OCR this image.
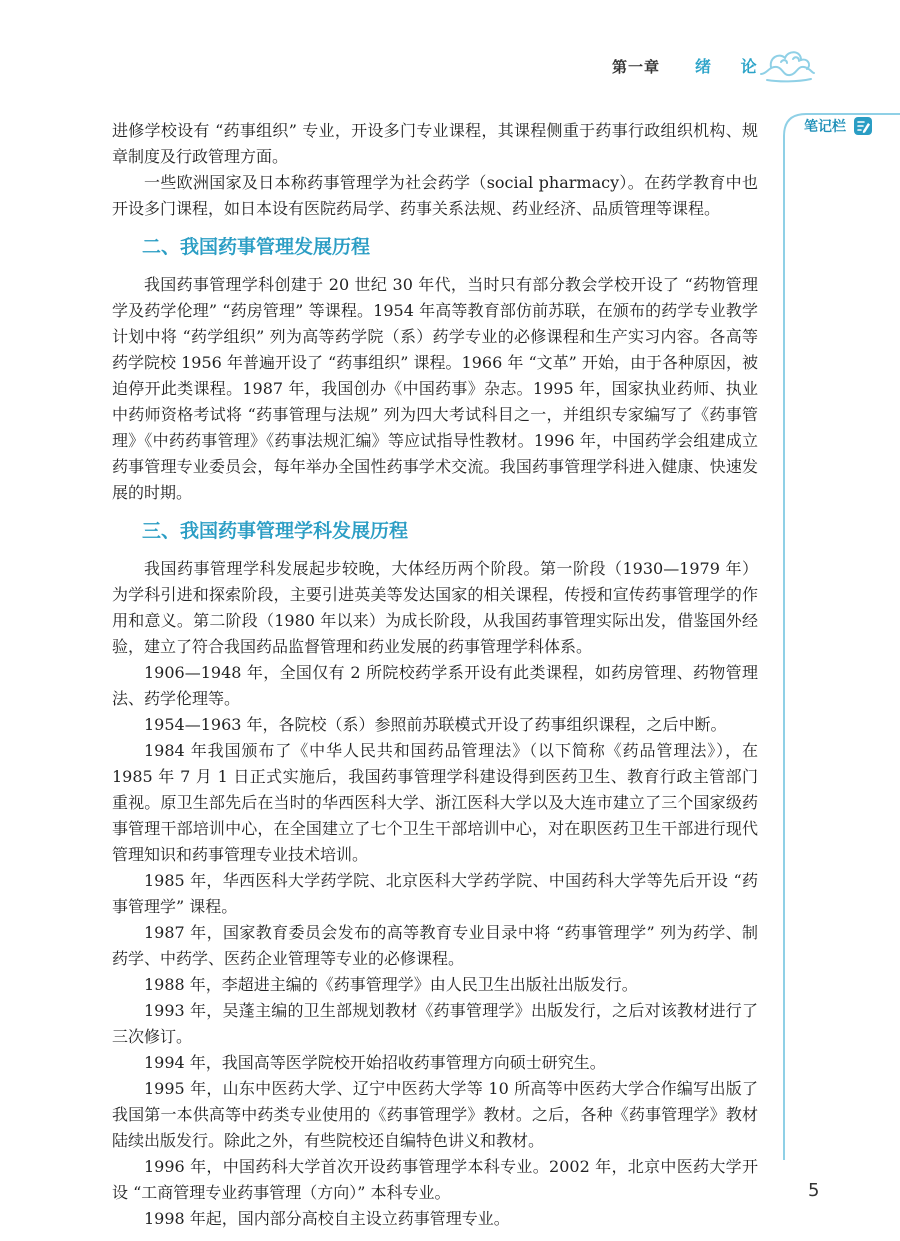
第一章 绪 论
笔记栏

进修学校设有 “药事组织” 专业，开设多门专业课程，其课程侧重于药事行政组织机构、规章制度及行政管理方面。

一些欧洲国家及日本称药事管理学为社会药学（social pharmacy）。在药学教育中也开设多门课程，如日本设有医院药局学、药事关系法规、药业经济、品质管理等课程。

二、我国药事管理发展历程

我国药事管理学科创建于 20 世纪 30 年代，当时只有部分教会学校开设了 “药物管理学及药学伦理” “药房管理” 等课程。1954 年高等教育部仿前苏联，在颁布的药学专业教学计划中将 “药学组织” 列为高等药学院（系）药学专业的必修课程和生产实习内容。各高等药学院校 1956 年普遍开设了 “药事组织” 课程。1966 年 “文革” 开始，由于各种原因，被迫停开此类课程。1987 年，我国创办《中国药事》杂志。1995 年，国家执业药师、执业中药师资格考试将 “药事管理与法规” 列为四大考试科目之一，并组织专家编写了《药事管理》《中药药事管理》《药事法规汇编》等应试指导性教材。1996 年，中国药学会组建成立药事管理专业委员会，每年举办全国性药事学术交流。我国药事管理学科进入健康、快速发展的时期。

三、我国药事管理学科发展历程

我国药事管理学科发展起步较晚，大体经历两个阶段。第一阶段（1930—1979 年）为学科引进和探索阶段，主要引进英美等发达国家的相关课程，传授和宣传药事管理学的作用和意义。第二阶段（1980 年以来）为成长阶段，从我国药事管理实际出发，借鉴国外经验，建立了符合我国药品监督管理和药业发展的药事管理学科体系。

1906—1948 年，全国仅有 2 所院校药学系开设有此类课程，如药房管理、药物管理法、药学伦理等。

1954—1963 年，各院校（系）参照前苏联模式开设了药事组织课程，之后中断。

1984 年我国颁布了《中华人民共和国药品管理法》（以下简称《药品管理法》），在 1985 年 7 月 1 日正式实施后，我国药事管理学科建设得到医药卫生、教育行政主管部门重视。原卫生部先后在当时的华西医科大学、浙江医科大学以及大连市建立了三个国家级药事管理干部培训中心，在全国建立了七个卫生干部培训中心，对在职医药卫生干部进行现代管理知识和药事管理专业技术培训。

1985 年，华西医科大学药学院、北京医科大学药学院、中国药科大学等先后开设 “药事管理学” 课程。

1987 年，国家教育委员会发布的高等教育专业目录中将 “药事管理学” 列为药学、制药学、中药学、医药企业管理等专业的必修课程。

1988 年，李超进主编的《药事管理学》由人民卫生出版社出版发行。

1993 年，吴蓬主编的卫生部规划教材《药事管理学》出版发行，之后对该教材进行了三次修订。

1994 年，我国高等医学院校开始招收药事管理方向硕士研究生。

1995 年，山东中医药大学、辽宁中医药大学等 10 所高等中医药大学合作编写出版了我国第一本供高等中药类专业使用的《药事管理学》教材。之后，各种《药事管理学》教材陆续出版发行。除此之外，有些院校还自编特色讲义和教材。

1996 年，中国药科大学首次开设药事管理学本科专业。2002 年，北京中医药大学开设 “工商管理专业药事管理（方向）” 本科专业。

1998 年起，国内部分高校自主设立药事管理专业。

5
